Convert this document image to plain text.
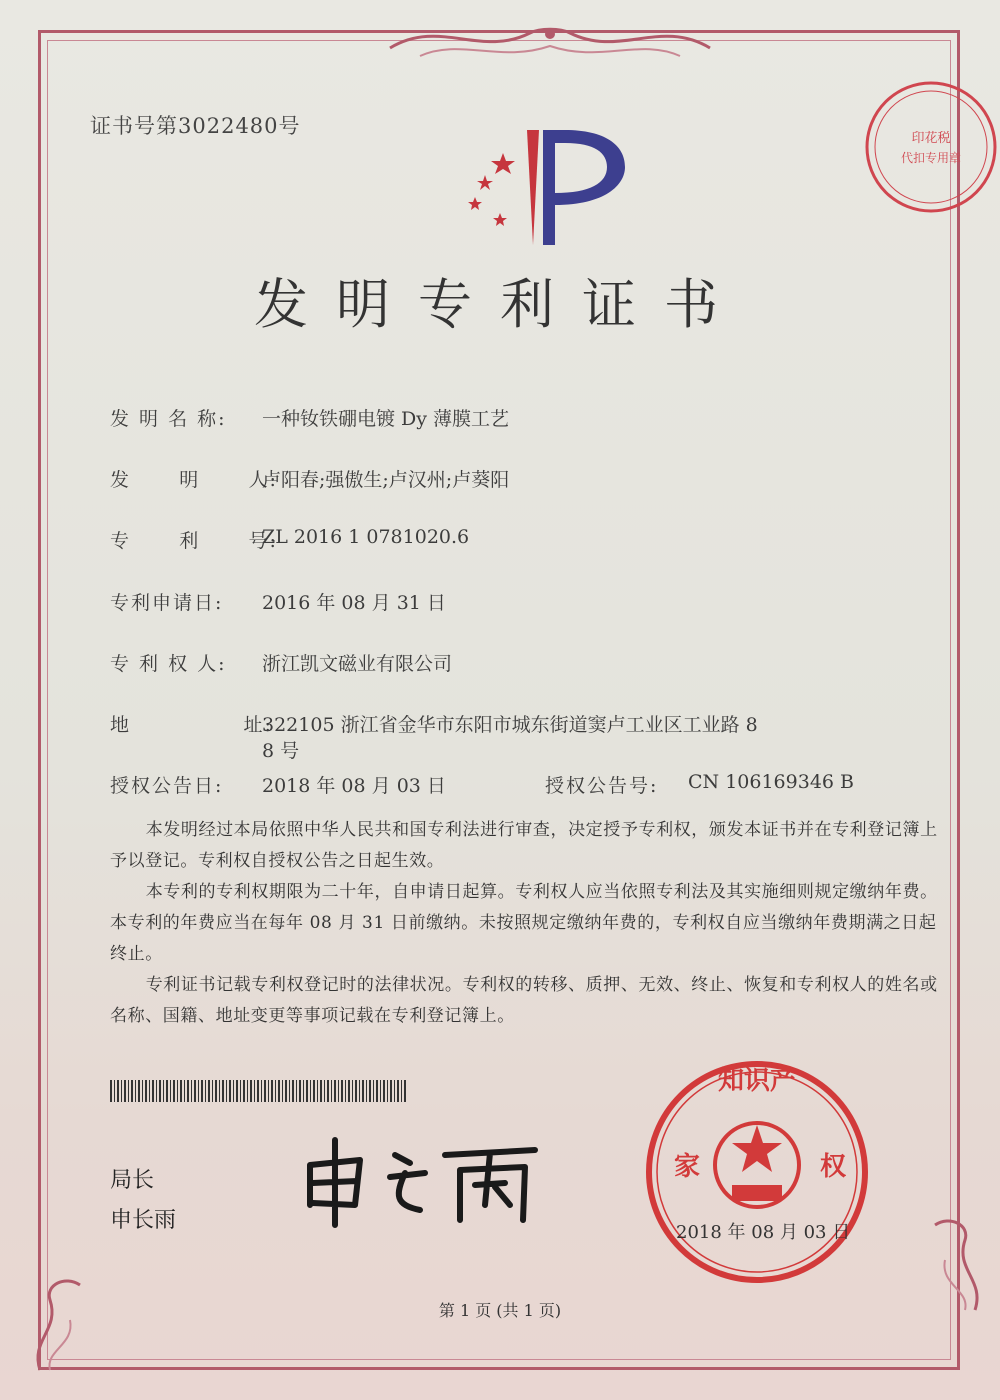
证书号第3022480号
印花税
代扣专用章
发明专利证书
发 明 名 称: 一种钕铁硼电镀 Dy 薄膜工艺
发      明      人:
卢阳春;强傲生;卢汉州;卢葵阳
专      利      号:
ZL 2016 1 0781020.6
专利申请日: 2016 年 08 月 31 日
专 利 权 人: 浙江凯文磁业有限公司
地              址:
322105 浙江省金华市东阳市城东街道窦卢工业区工业路 8
8 号
授权公告日: 2018 年 08 月 03 日	授权公告号: CN 106169346 B

本发明经过本局依照中华人民共和国专利法进行审查，决定授予专利权，颁发本证书并在专利登记簿上予以登记。专利权自授权公告之日起生效。

本专利的专利权期限为二十年，自申请日起算。专利权人应当依照专利法及其实施细则规定缴纳年费。本专利的年费应当在每年 08 月 31 日前缴纳。未按照规定缴纳年费的，专利权自应当缴纳年费期满之日起终止。

专利证书记载专利权登记时的法律状况。专利权的转移、质押、无效、终止、恢复和专利权人的姓名或名称、国籍、地址变更等事项记载在专利登记簿上。

局长
申长雨
知识产
家	权
2018 年 08 月 03 日
第 1 页 (共 1 页)
